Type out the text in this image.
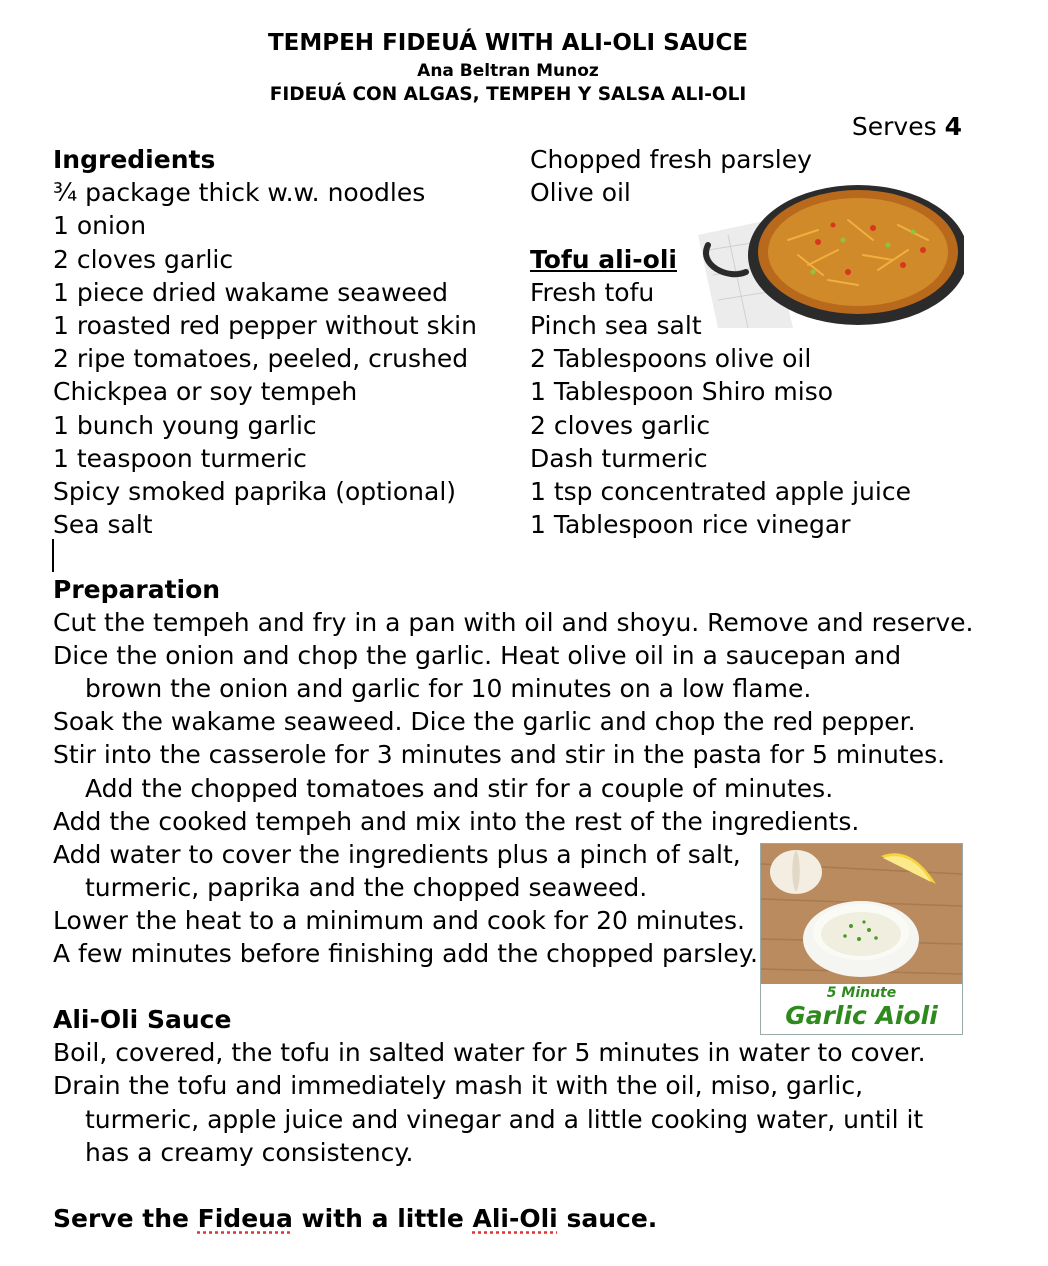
TEMPEH FIDEUÁ WITH ALI-OLI SAUCE
Ana Beltran Munoz
FIDEUÁ CON ALGAS, TEMPEH Y SALSA ALI-OLI
Serves 4
Ingredients
¾ package thick w.w. noodles
1 onion
2 cloves garlic
1 piece dried wakame seaweed
1 roasted red pepper without skin
2 ripe tomatoes, peeled, crushed
Chickpea or soy tempeh
1 bunch young garlic
1 teaspoon turmeric
Spicy smoked paprika (optional)
Sea salt
Chopped fresh parsley
Olive oil

Tofu ali-oli
Fresh tofu
Pinch sea salt
2 Tablespoons olive oil
1 Tablespoon Shiro miso
2 cloves garlic
Dash turmeric
1 tsp concentrated apple juice
1 Tablespoon rice vinegar
Preparation
Cut the tempeh and fry in a pan with oil and shoyu. Remove and reserve.
Dice the onion and chop the garlic. Heat olive oil in a saucepan and
brown the onion and garlic for 10 minutes on a low flame.
Soak the wakame seaweed. Dice the garlic and chop the red pepper.
Stir into the casserole for 3 minutes and stir in the pasta for 5 minutes.
Add the chopped tomatoes and stir for a couple of minutes.
Add the cooked tempeh and mix into the rest of the ingredients.
Add water to cover the ingredients plus a pinch of salt,
turmeric, paprika and the chopped seaweed.
Lower the heat to a minimum and cook for 20 minutes.
A few minutes before finishing add the chopped parsley.

Ali-Oli Sauce
Boil, covered, the tofu in salted water for 5 minutes in water to cover.
Drain the tofu and immediately mash it with the oil, miso, garlic,
turmeric, apple juice and vinegar and a little cooking water, until it
has a creamy consistency.

Serve the Fideua with a little Ali-Oli sauce.
5 Minute
Garlic Aioli
